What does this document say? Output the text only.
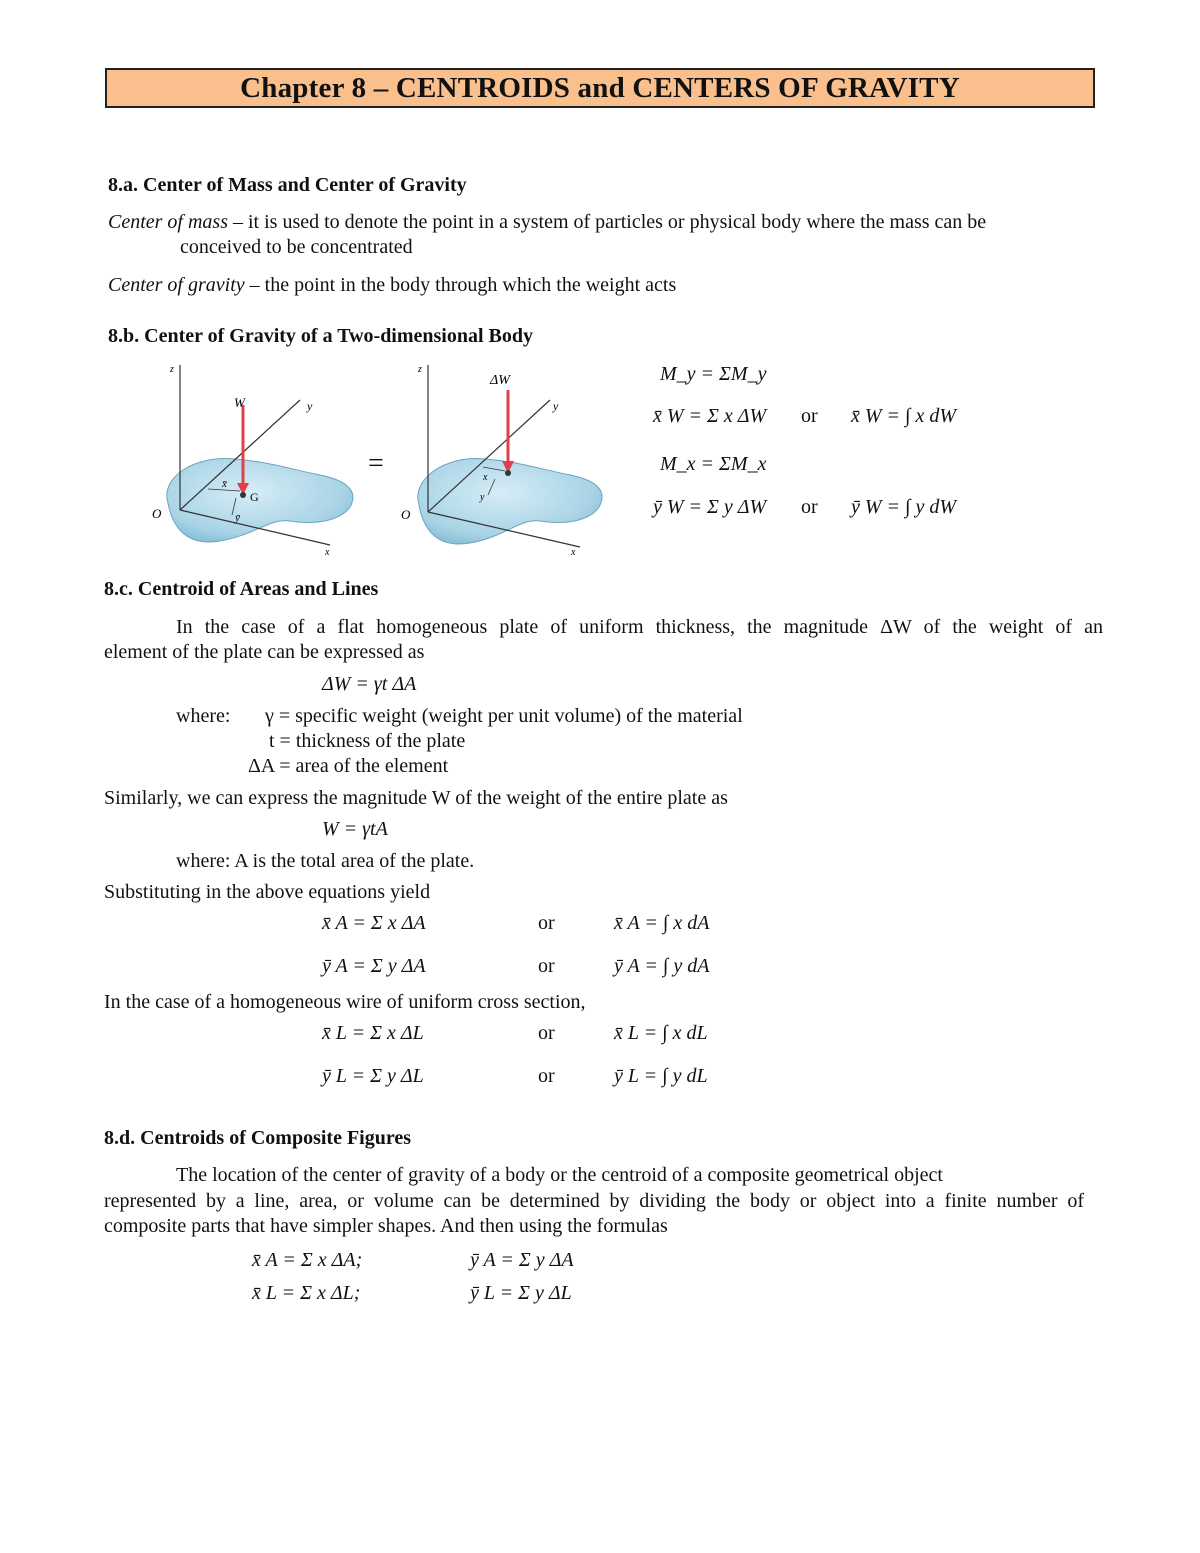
Chapter 8 – CENTROIDS and CENTERS OF GRAVITY
8.a. Center of Mass and Center of Gravity
Center of mass – it is used to denote the point in a system of particles or physical body where the mass can be
conceived to be concentrated
Center of gravity – the point in the body through which the weight acts
8.b. Center of Gravity of a Two-dimensional Body
z
y
x
O
W
G
x̄
ȳ
=
z
y
x
O
ΔW
x
y
M_y = ΣM_y
x̄ W = Σ x ΔW or x̄ W = ∫ x dW
M_x = ΣM_x
ȳ W = Σ y ΔW or ȳ W = ∫ y dW
8.c. Centroid of Areas and Lines
In the case of a flat homogeneous plate of uniform thickness, the magnitude ΔW of the weight of an
element of the plate can be expressed as
ΔW = γt ΔA
where: γ = specific weight (weight per unit volume) of the material
t = thickness of the plate
ΔA = area of the element
Similarly, we can express the magnitude W of the weight of the entire plate as
W = γtA
where: A is the total area of the plate.
Substituting in the above equations yield
x̄ A = Σ x ΔA	or	x̄ A = ∫ x dA
ȳ A = Σ y ΔA	or	ȳ A = ∫ y dA
In the case of a homogeneous wire of uniform cross section,
x̄ L = Σ x ΔL	or	x̄ L = ∫ x dL
ȳ L = Σ y ΔL	or	ȳ L = ∫ y dL
8.d. Centroids of Composite Figures
The location of the center of gravity of a body or the centroid of a composite geometrical object
represented by a line, area, or volume can be determined by dividing the body or object into a finite number of
composite parts that have simpler shapes. And then using the formulas
x̄ A = Σ x ΔA;	ȳ A = Σ y ΔA
x̄ L = Σ x ΔL;	ȳ L = Σ y ΔL
